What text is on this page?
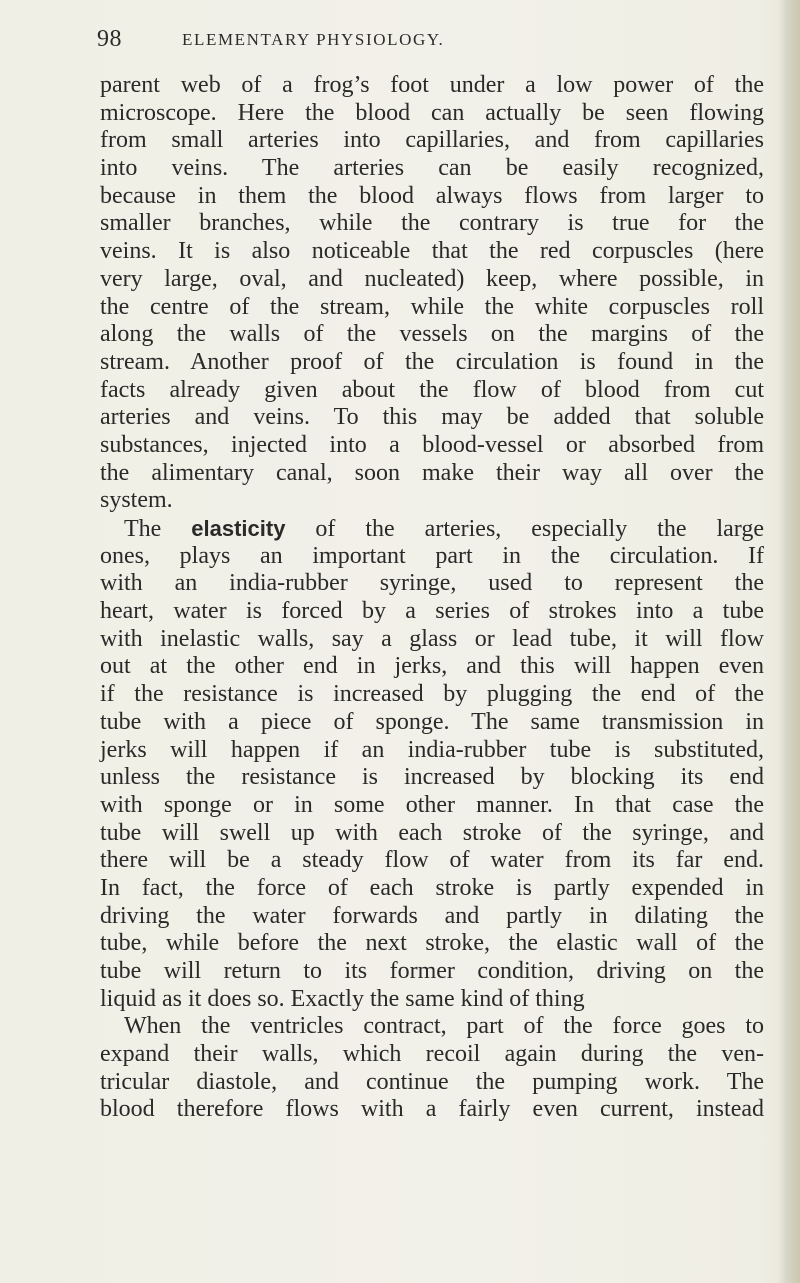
98	ELEMENTARY PHYSIOLOGY.
parent web of a frog’s foot under a low power of the
microscope. Here the blood can actually be seen flowing
from small arteries into capillaries, and from capillaries
into veins. The arteries can be easily recognized,
because in them the blood always flows from larger to
smaller branches, while the contrary is true for the
veins. It is also noticeable that the red corpuscles (here
very large, oval, and nucleated) keep, where possible, in
the centre of the stream, while the white corpuscles roll
along the walls of the vessels on the margins of the
stream. Another proof of the circulation is found in the
facts already given about the flow of blood from cut
arteries and veins. To this may be added that soluble
substances, injected into a blood-vessel or absorbed from
the alimentary canal, soon make their way all over the
system.
The elasticity of the arteries, especially the large
ones, plays an important part in the circulation. If
with an india-rubber syringe, used to represent the
heart, water is forced by a series of strokes into a tube
with inelastic walls, say a glass or lead tube, it will flow
out at the other end in jerks, and this will happen even
if the resistance is increased by plugging the end of the
tube with a piece of sponge. The same transmission in
jerks will happen if an india-rubber tube is substituted,
unless the resistance is increased by blocking its end
with sponge or in some other manner. In that case the
tube will swell up with each stroke of the syringe, and
there will be a steady flow of water from its far end.
In fact, the force of each stroke is partly expended in
driving the water forwards and partly in dilating the
tube, while before the next stroke, the elastic wall of the
tube will return to its former condition, driving on the
liquid as it does so. Exactly the same kind of thing
When the ventricles contract, part of the force goes to
expand their walls, which recoil again during the ven-
tricular diastole, and continue the pumping work. The
blood therefore flows with a fairly even current, instead
